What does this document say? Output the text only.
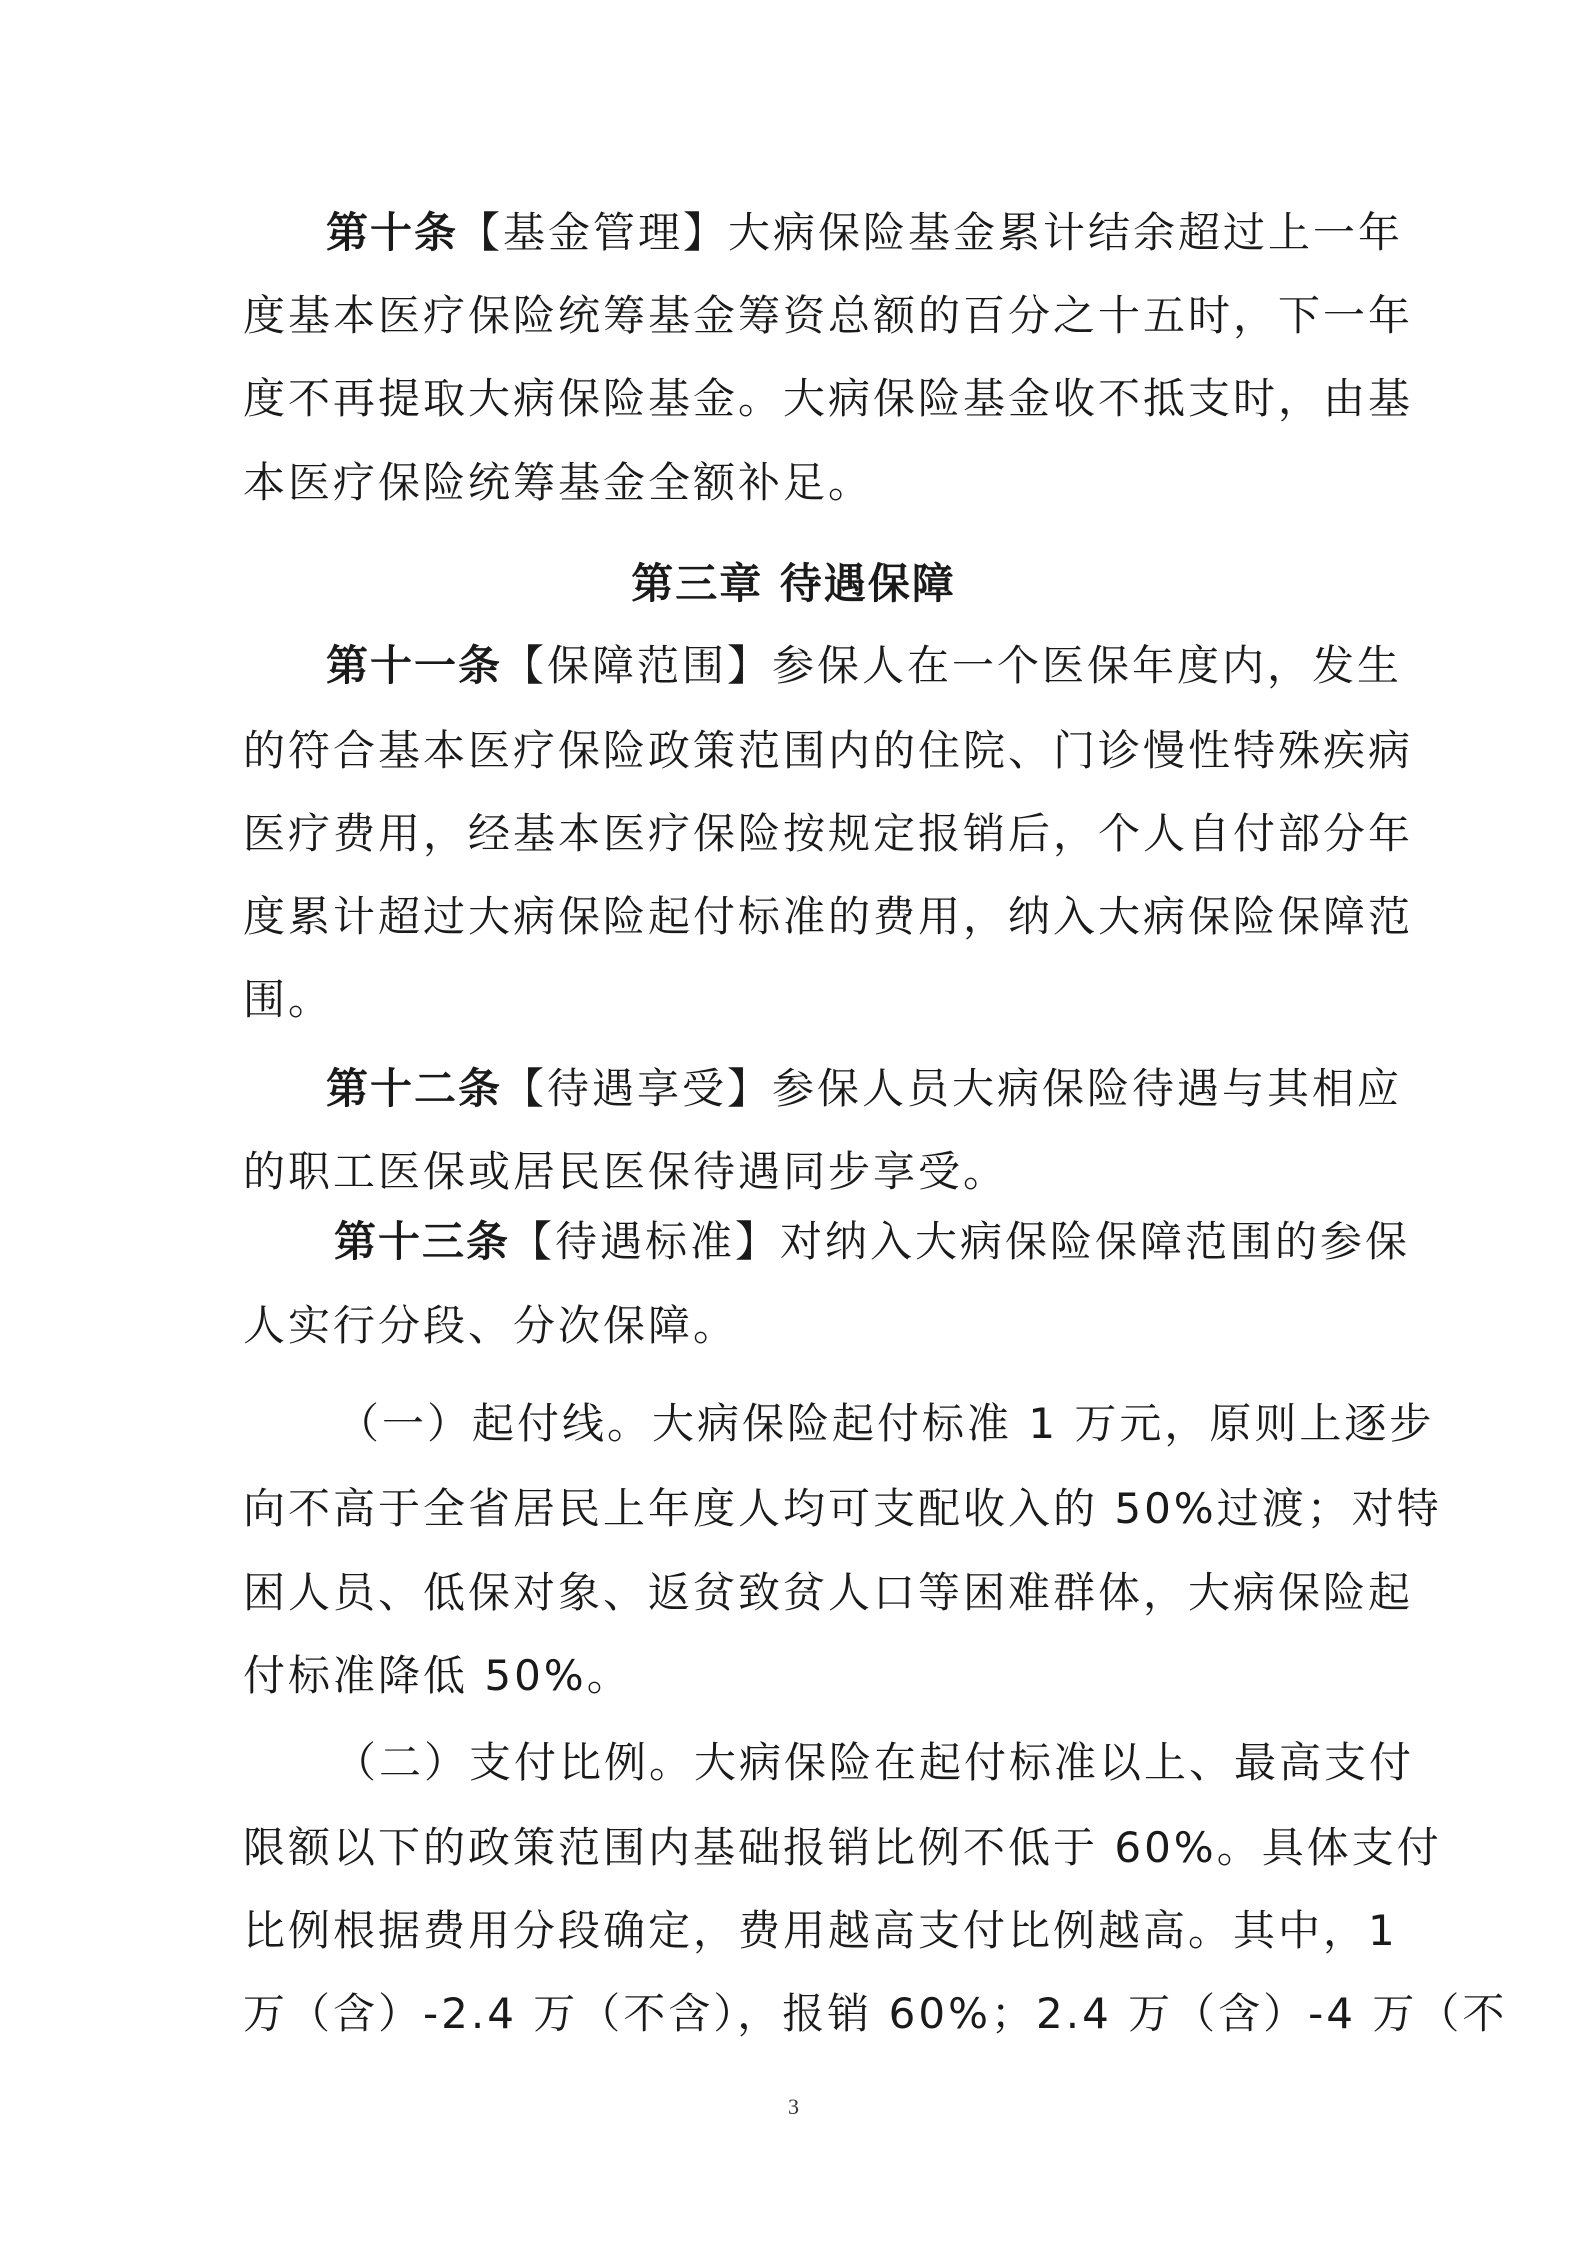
第十条【基金管理】大病保险基金累计结余超过上一年
度基本医疗保险统筹基金筹资总额的百分之十五时，下一年
度不再提取大病保险基金。大病保险基金收不抵支时，由基
本医疗保险统筹基金全额补足。
第三章 待遇保障
第十一条【保障范围】参保人在一个医保年度内，发生
的符合基本医疗保险政策范围内的住院、门诊慢性特殊疾病
医疗费用，经基本医疗保险按规定报销后，个人自付部分年
度累计超过大病保险起付标准的费用，纳入大病保险保障范
围。
第十二条【待遇享受】参保人员大病保险待遇与其相应
的职工医保或居民医保待遇同步享受。
第十三条【待遇标准】对纳入大病保险保障范围的参保
人实行分段、分次保障。
（一）起付线。大病保险起付标准 1 万元，原则上逐步
向不高于全省居民上年度人均可支配收入的 50%过渡；对特
困人员、低保对象、返贫致贫人口等困难群体，大病保险起
付标准降低 50%。
（二）支付比例。大病保险在起付标准以上、最高支付
限额以下的政策范围内基础报销比例不低于 60%。具体支付
比例根据费用分段确定，费用越高支付比例越高。其中，1
万（含）-2.4 万（不含），报销 60%；2.4 万（含）-4 万（不
3
